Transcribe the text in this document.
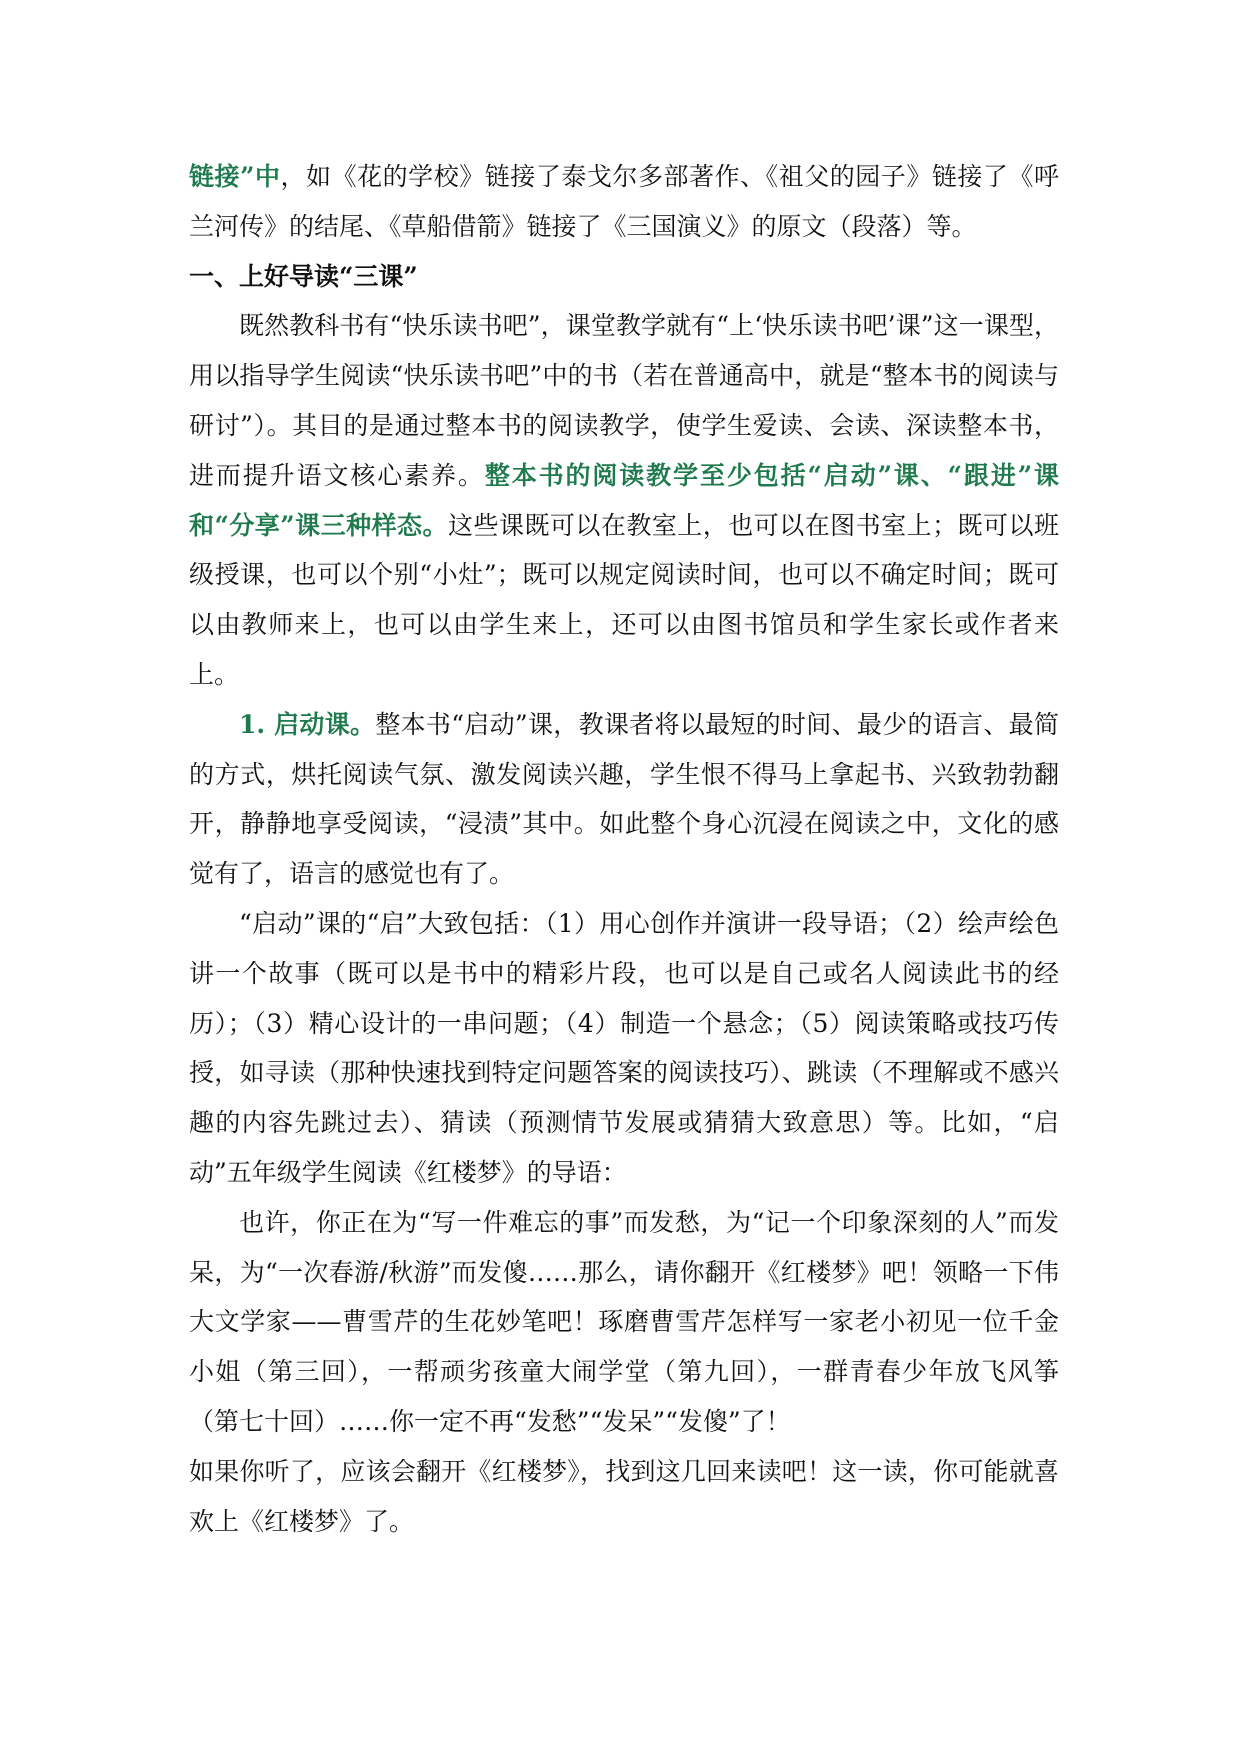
链接”中，如《花的学校》链接了泰戈尔多部著作、《祖父的园子》链接了《呼兰河传》的结尾、《草船借箭》链接了《三国演义》的原文（段落）等。

一、上好导读“三课”

既然教科书有“快乐读书吧”，课堂教学就有“上‘快乐读书吧’课”这一课型，用以指导学生阅读“快乐读书吧”中的书（若在普通高中，就是“整本书的阅读与研讨”）。其目的是通过整本书的阅读教学，使学生爱读、会读、深读整本书，进而提升语文核心素养。整本书的阅读教学至少包括“启动”课、“跟进”课和“分享”课三种样态。这些课既可以在教室上，也可以在图书室上；既可以班级授课，也可以个别“小灶”；既可以规定阅读时间，也可以不确定时间；既可以由教师来上，也可以由学生来上，还可以由图书馆员和学生家长或作者来上。

1. 启动课。整本书“启动”课，教课者将以最短的时间、最少的语言、最简的方式，烘托阅读气氛、激发阅读兴趣，学生恨不得马上拿起书、兴致勃勃翻开，静静地享受阅读，“浸渍”其中。如此整个身心沉浸在阅读之中，文化的感觉有了，语言的感觉也有了。

“启动”课的“启”大致包括：（1）用心创作并演讲一段导语；（2）绘声绘色讲一个故事（既可以是书中的精彩片段，也可以是自己或名人阅读此书的经历）；（3）精心设计的一串问题；（4）制造一个悬念；（5）阅读策略或技巧传授，如寻读（那种快速找到特定问题答案的阅读技巧）、跳读（不理解或不感兴趣的内容先跳过去）、猜读（预测情节发展或猜猜大致意思）等。比如，“启动”五年级学生阅读《红楼梦》的导语：

也许，你正在为“写一件难忘的事”而发愁，为“记一个印象深刻的人”而发呆，为“一次春游/秋游”而发傻……那么，请你翻开《红楼梦》吧！领略一下伟大文学家——曹雪芹的生花妙笔吧！琢磨曹雪芹怎样写一家老小初见一位千金小姐（第三回），一帮顽劣孩童大闹学堂（第九回），一群青春少年放飞风筝（第七十回）……你一定不再“发愁”“发呆”“发傻”了！

如果你听了，应该会翻开《红楼梦》，找到这几回来读吧！这一读，你可能就喜欢上《红楼梦》了。
